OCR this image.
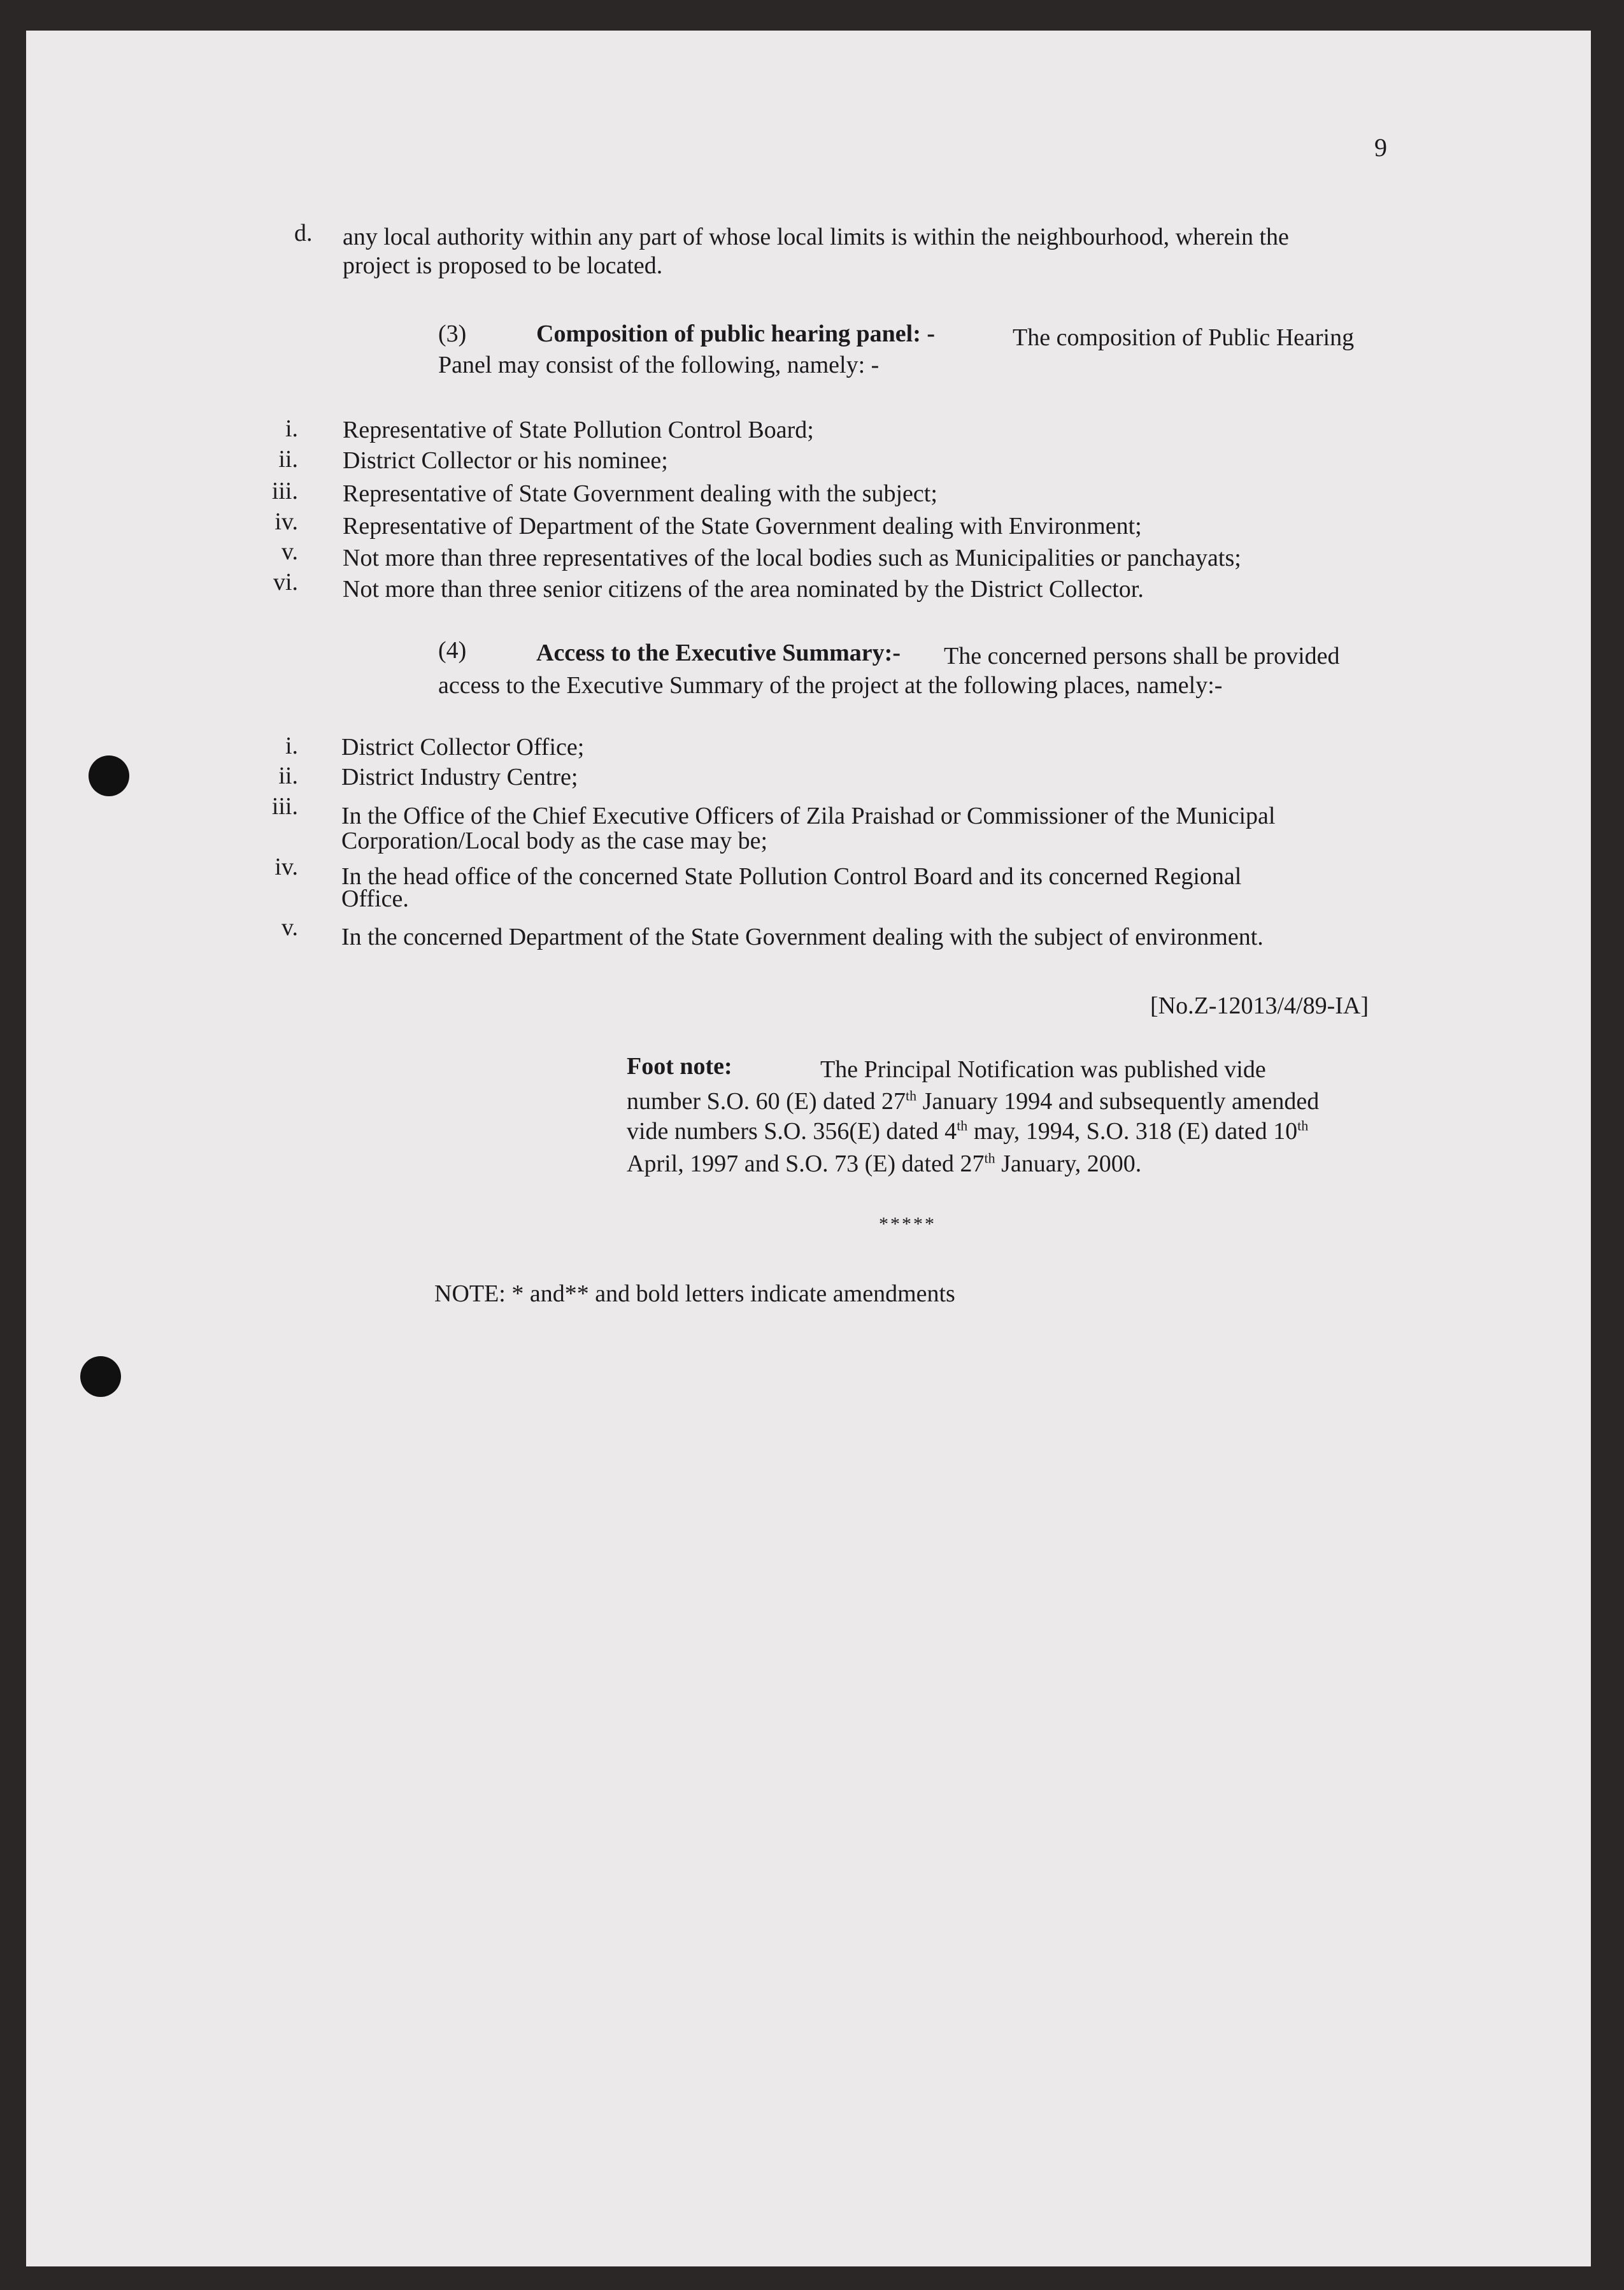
9
d. any local authority within any part of whose local limits is within the neighbourhood, wherein the
project is proposed to be located.
(3)	Composition of public hearing panel: -	The composition of Public Hearing
Panel may consist of the following, namely: -
i. Representative of State Pollution Control Board;
ii. District Collector or his nominee;
iii. Representative of State Government dealing with the subject;
iv. Representative of Department of the State Government dealing with Environment;
v. Not more than three representatives of the local bodies such as Municipalities or panchayats;
vi. Not more than three senior citizens of the area nominated by the District Collector.
(4)	Access to the Executive Summary:- The concerned persons shall be provided
access to the Executive Summary of the project at the following places, namely:-
i. District Collector Office;
ii. District Industry Centre;
iii. In the Office of the Chief Executive Officers of Zila Praishad or Commissioner of the Municipal
Corporation/Local body as the case may be;
iv. In the head office of the concerned State Pollution Control Board and its concerned Regional
Office.
v. In the concerned Department of the State Government dealing with the subject of environment.
[No.Z-12013/4/89-IA]
Foot note:	The Principal Notification was published vide
number S.O. 60 (E) dated 27th January 1994 and subsequently amended
vide numbers S.O. 356(E) dated 4th may, 1994, S.O. 318 (E) dated 10th
April, 1997 and S.O. 73 (E) dated 27th January, 2000.
*****
NOTE: * and** and bold letters indicate amendments
